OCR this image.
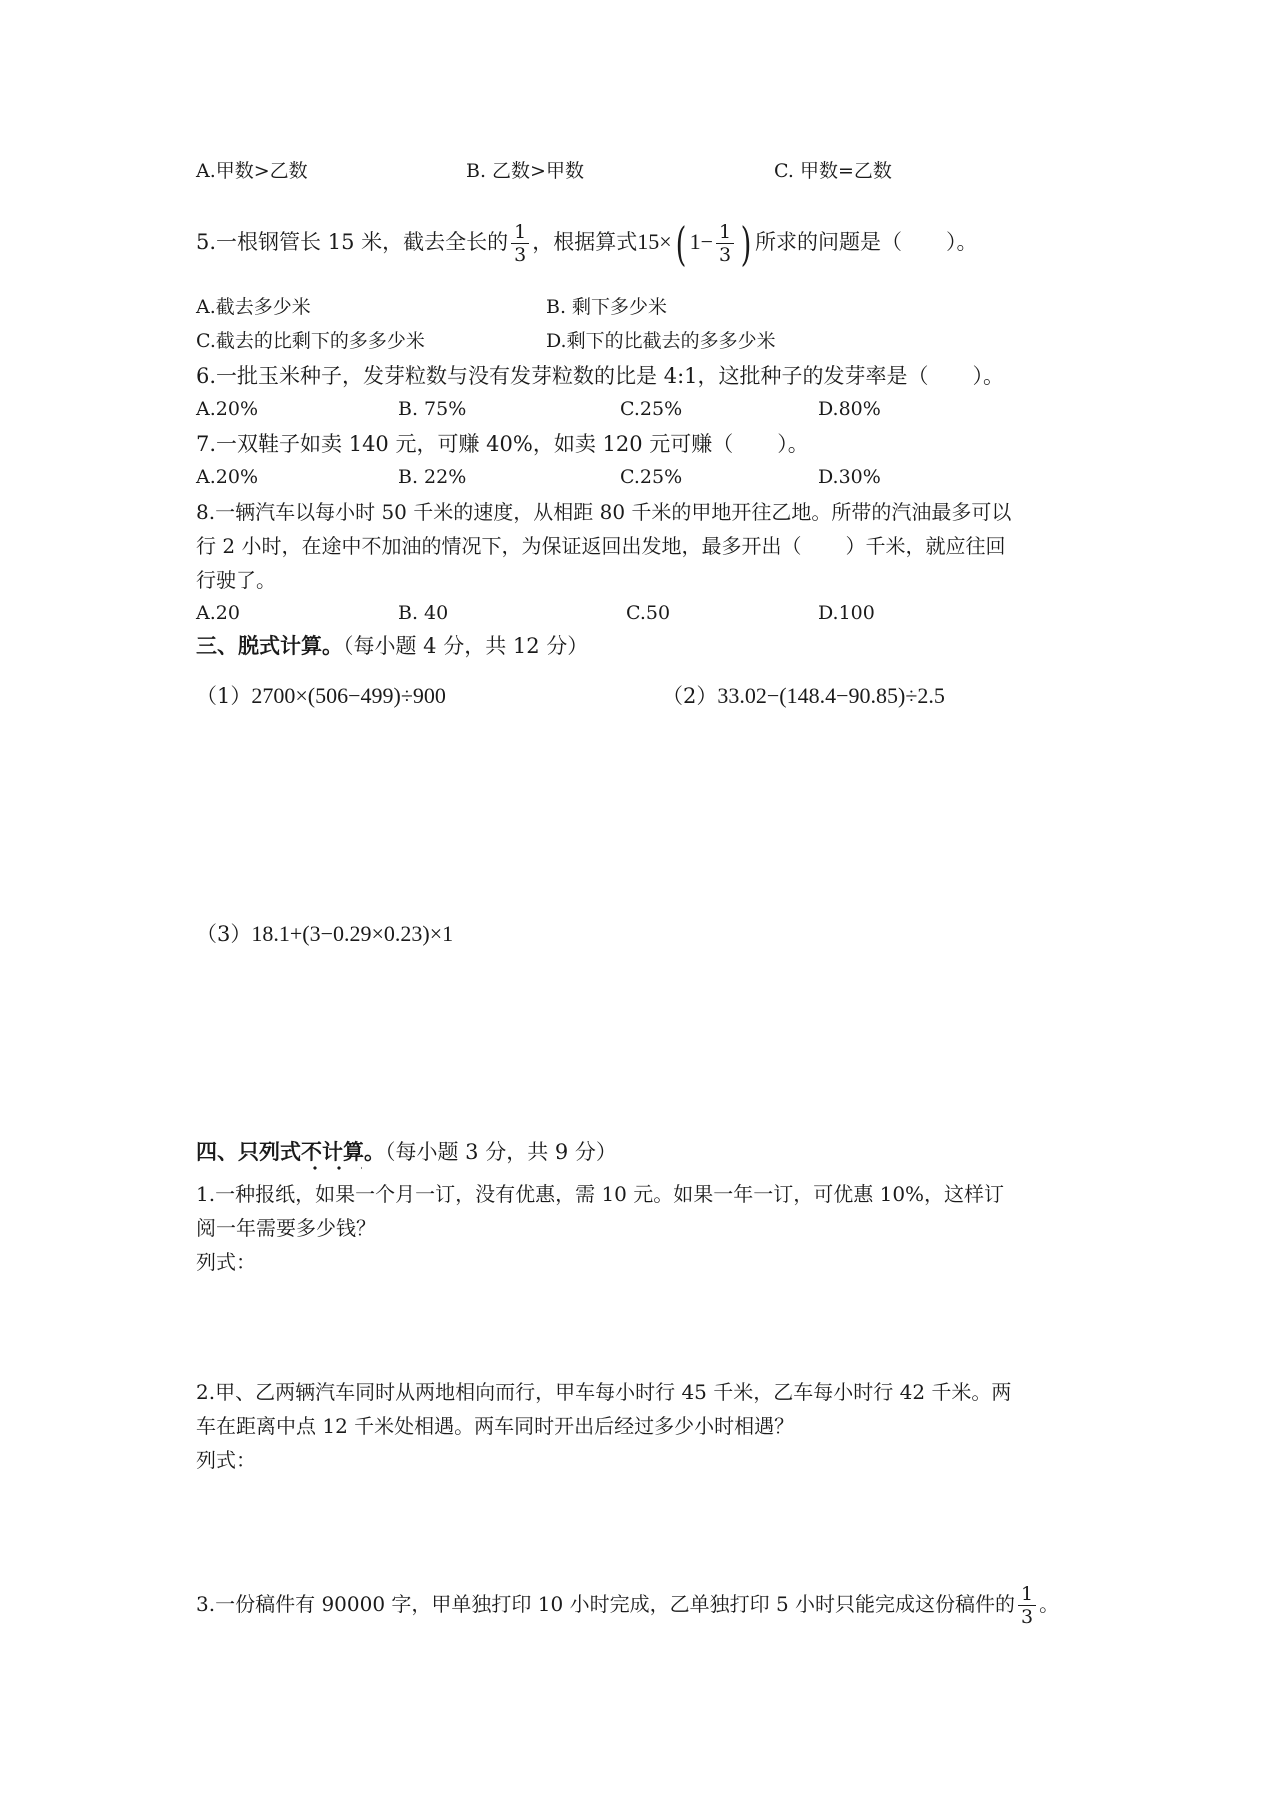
A.甲数>乙数	B. 乙数>甲数	C. 甲数=乙数
5.一根钢管长 15 米，截去全长的 $\frac{1}{3}$ ，根据算式15×( $1- \frac{1}{3}$ ) 所求的问题是（ ）。
A.截去多少米	B. 剩下多少米
C.截去的比剩下的多多少米	D.剩下的比截去的多多少米
6.一批玉米种子，发芽粒数与没有发芽粒数的比是 4:1，这批种子的发芽率是（ ）。
A.20%	B. 75%	C.25%	D.80%
7.一双鞋子如卖 140 元，可赚 40%，如卖 120 元可赚（ ）。
A.20%	B. 22%	C.25%	D.30%
8.一辆汽车以每小时 50 千米的速度，从相距 80 千米的甲地开往乙地。所带的汽油最多可以
行 2 小时，在途中不加油的情况下，为保证返回出发地，最多开出（ ）千米，就应往回
行驶了。
A.20	B. 40	C.50	D.100
三、脱式计算。（每小题 4 分，共 12 分）
（1）2700×(506−499)÷900	（2）33.02−(148.4−90.85)÷2.5
（3）18.1+(3−0.29×0.23)×1
四、只列式不计算。（每小题 3 分，共 9 分）
1.一种报纸，如果一个月一订，没有优惠，需 10 元。如果一年一订，可优惠 10%，这样订
阅一年需要多少钱？
列式：
2.甲、乙两辆汽车同时从两地相向而行，甲车每小时行 45 千米，乙车每小时行 42 千米。两
车在距离中点 12 千米处相遇。两车同时开出后经过多少小时相遇？
列式：
3.一份稿件有 90000 字，甲单独打印 10 小时完成，乙单独打印 5 小时只能完成这份稿件的 $\frac{1}{3}$ 。
